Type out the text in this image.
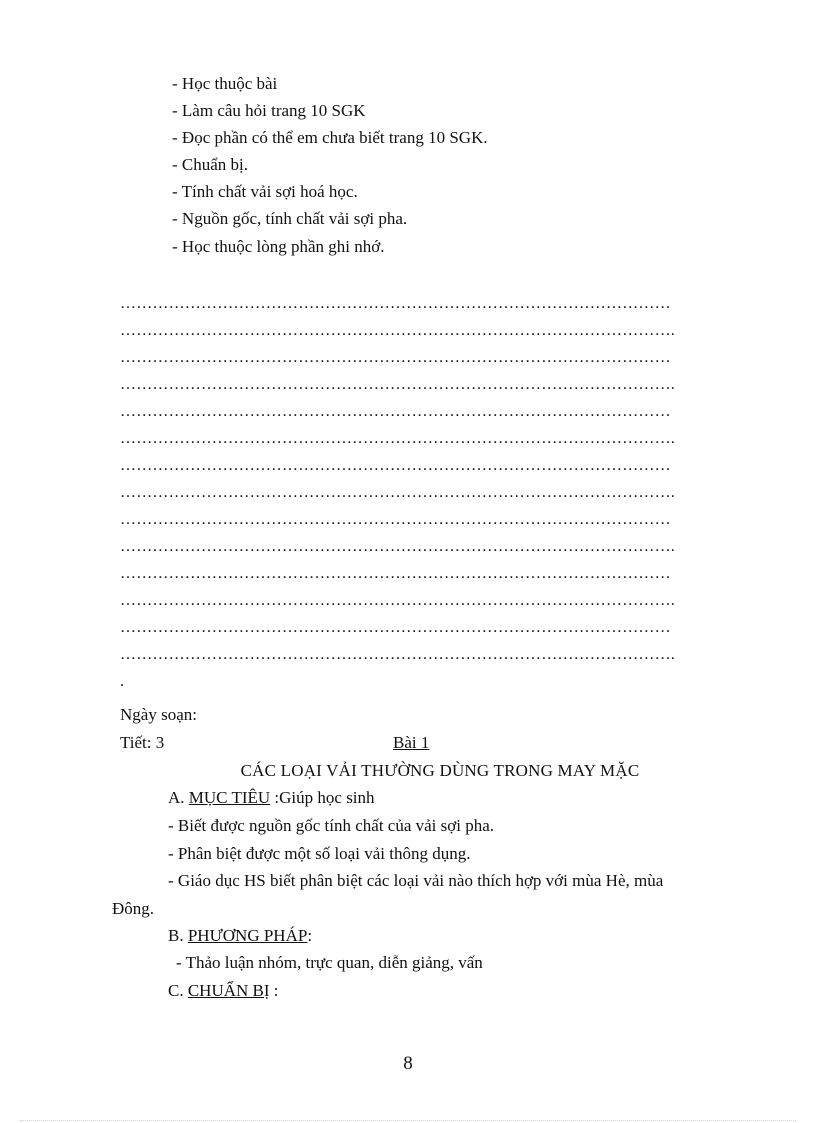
- Học thuộc bài
- Làm câu hỏi trang 10 SGK
- Đọc phần có thể em chưa biết trang 10 SGK.
- Chuẩn bị.
- Tính chất vải sợi hoá học.
- Nguồn gốc, tính chất vải sợi pha.
- Học thuộc lòng phần ghi nhớ.
…………………………………………………………………………………………
………………………………………………………………………………………….
…………………………………………………………………………………………
………………………………………………………………………………………….
…………………………………………………………………………………………
………………………………………………………………………………………….
…………………………………………………………………………………………
………………………………………………………………………………………….
…………………………………………………………………………………………
………………………………………………………………………………………….
…………………………………………………………………………………………
………………………………………………………………………………………….
…………………………………………………………………………………………
………………………………………………………………………………………….
.
Ngày soạn:
Tiết: 3	Bài 1
CÁC LOẠI VẢI THƯỜNG DÙNG TRONG MAY MẶC
A. MỤC TIÊU :Giúp học sinh
- Biết được nguồn gốc tính chất của vải sợi pha.
- Phân biệt được một số loại vải thông dụng.
- Giáo dục HS biết phân biệt các loại vải nào thích hợp với mùa Hè, mùa
Đông.
B. PHƯƠNG PHÁP:
- Thảo luận nhóm, trực quan, diễn giảng, vấn
C. CHUẨN BỊ :
8
